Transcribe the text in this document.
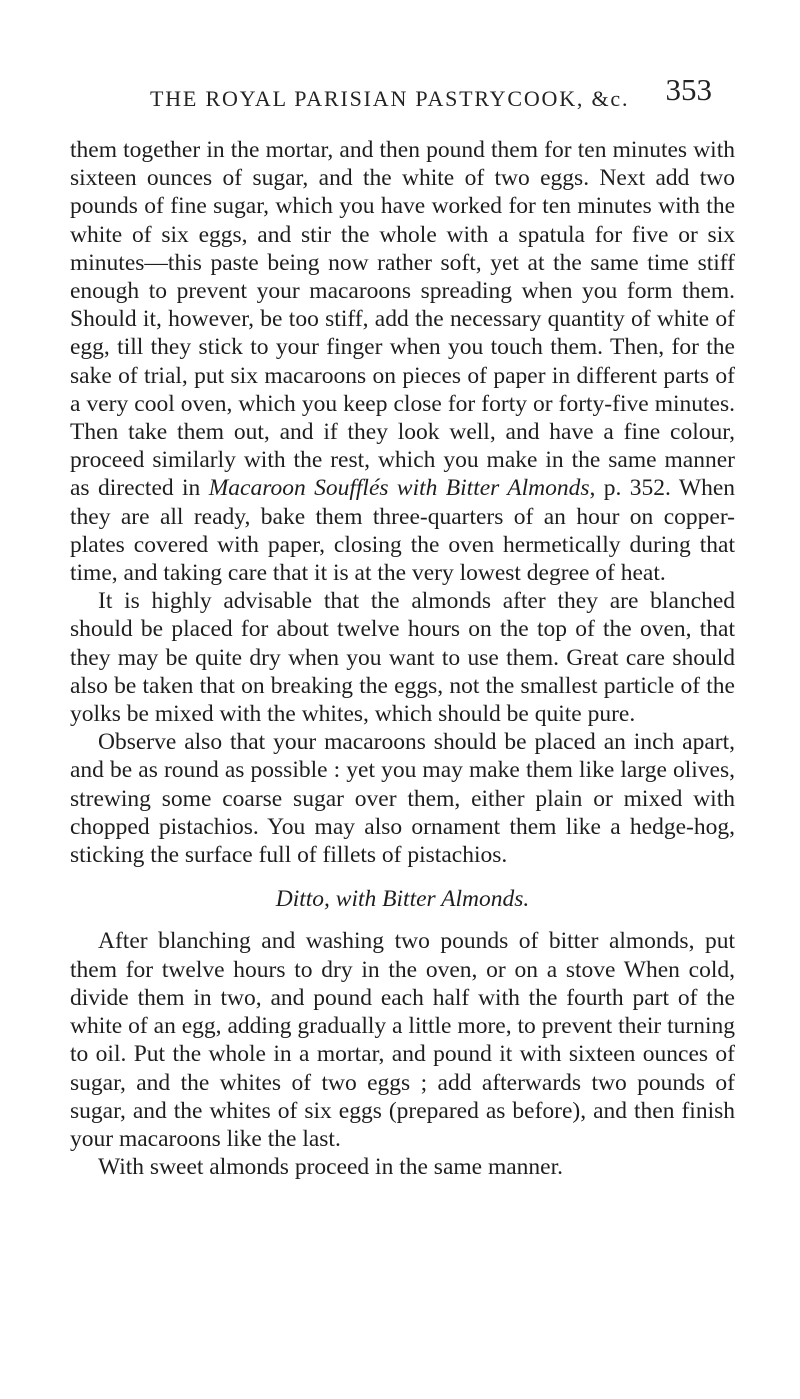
THE ROYAL PARISIAN PASTRYCOOK, &c.	353

them together in the mortar, and then pound them for ten minutes with sixteen ounces of sugar, and the white of two eggs. Next add two pounds of fine sugar, which you have worked for ten minutes with the white of six eggs, and stir the whole with a spatula for five or six minutes—this paste being now rather soft, yet at the same time stiff enough to prevent your macaroons spreading when you form them. Should it, however, be too stiff, add the necessary quantity of white of egg, till they stick to your finger when you touch them. Then, for the sake of trial, put six macaroons on pieces of paper in different parts of a very cool oven, which you keep close for forty or forty-five minutes. Then take them out, and if they look well, and have a fine colour, proceed similarly with the rest, which you make in the same manner as directed in Macaroon Soufflés with Bitter Almonds, p. 352. When they are all ready, bake them three-quarters of an hour on copper-plates covered with paper, closing the oven hermetically during that time, and taking care that it is at the very lowest degree of heat.

It is highly advisable that the almonds after they are blanched should be placed for about twelve hours on the top of the oven, that they may be quite dry when you want to use them. Great care should also be taken that on breaking the eggs, not the smallest particle of the yolks be mixed with the whites, which should be quite pure.

Observe also that your macaroons should be placed an inch apart, and be as round as possible : yet you may make them like large olives, strewing some coarse sugar over them, either plain or mixed with chopped pistachios. You may also ornament them like a hedge-hog, sticking the surface full of fillets of pistachios.

Ditto, with Bitter Almonds.

After blanching and washing two pounds of bitter almonds, put them for twelve hours to dry in the oven, or on a stove When cold, divide them in two, and pound each half with the fourth part of the white of an egg, adding gradually a little more, to prevent their turning to oil. Put the whole in a mortar, and pound it with sixteen ounces of sugar, and the whites of two eggs ; add afterwards two pounds of sugar, and the whites of six eggs (prepared as before), and then finish your macaroons like the last.

With sweet almonds proceed in the same manner.
